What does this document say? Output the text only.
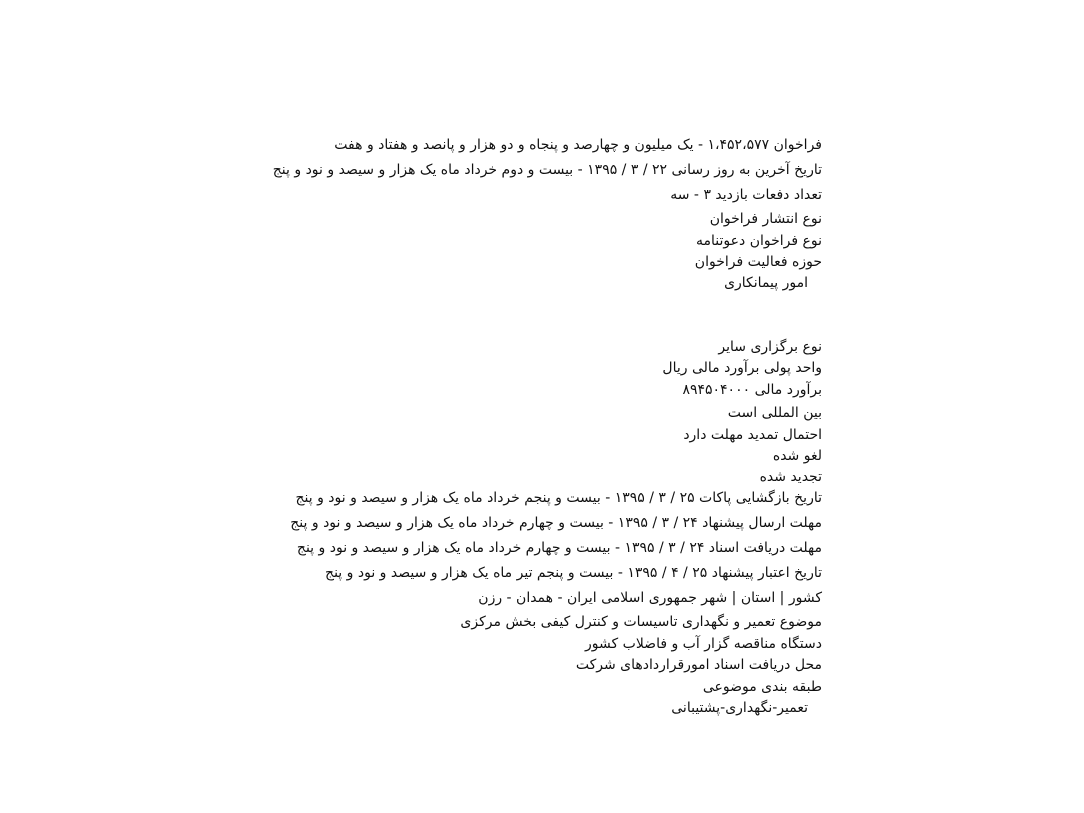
فراخوان ۱،۴۵۲،۵۷۷ - یک میلیون و چهارصد و پنجاه و دو هزار و پانصد و هفتاد و هفت
تاریخ آخرین به روز رسانی ۲۲ / ۳ / ۱۳۹۵ - بیست و دوم خرداد ماه یک هزار و سیصد و نود و پنج
تعداد دفعات بازدید ۳ - سه
نوع انتشار فراخوان
نوع فراخوان دعوتنامه
حوزه فعالیت فراخوان
امور پیمانکاری
نوع برگزاری سایر
واحد پولی برآورد مالی ریال
برآورد مالی ۸۹۴۵۰۴۰۰۰
بین المللی است
احتمال تمدید مهلت دارد
لغو شده
تجدید شده
تاریخ بازگشایی پاکات ۲۵ / ۳ / ۱۳۹۵ - بیست و پنجم خرداد ماه یک هزار و سیصد و نود و پنج
مهلت ارسال پیشنهاد ۲۴ / ۳ / ۱۳۹۵ - بیست و چهارم خرداد ماه یک هزار و سیصد و نود و پنج
مهلت دریافت اسناد ۲۴ / ۳ / ۱۳۹۵ - بیست و چهارم خرداد ماه یک هزار و سیصد و نود و پنج
تاریخ اعتبار پیشنهاد ۲۵ / ۴ / ۱۳۹۵ - بیست و پنجم تیر ماه یک هزار و سیصد و نود و پنج
کشور | استان | شهر جمهوری اسلامی ایران - همدان - رزن
موضوع تعمیر و نگهداری تاسیسات و کنترل کیفی بخش مرکزی
دستگاه مناقصه گزار آب و فاضلاب کشور
محل دریافت اسناد امورقراردادهای شرکت
طبقه بندی موضوعی
تعمیر-نگهداری-پشتیبانی
